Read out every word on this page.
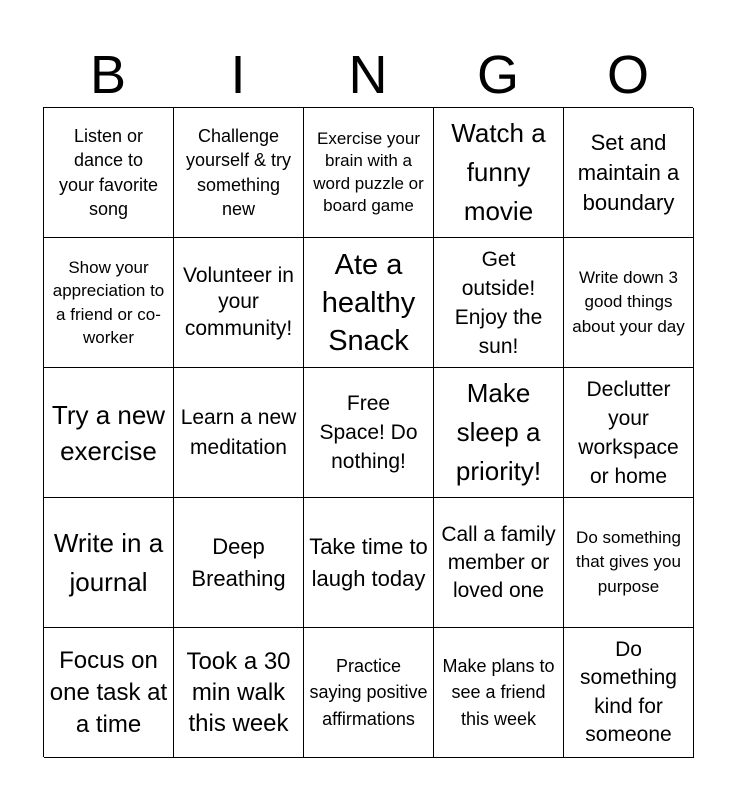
B	I	N	G	O
Listen or dance to your favorite song
Challenge yourself & try something new
Exercise your brain with a word puzzle or board game
Watch a funny movie
Set and maintain a boundary
Show your appreciation to a friend or co-worker
Volunteer in your community!
Ate a healthy Snack
Get outside! Enjoy the sun!
Write down 3 good things about your day
Try a new exercise
Learn a new meditation
Free Space! Do nothing!
Make sleep a priority!
Declutter your workspace or home
Write in a journal
Deep Breathing
Take time to laugh today
Call a family member or loved one
Do something that gives you purpose
Focus on one task at a time
Took a 30 min walk this week
Practice saying positive affirmations
Make plans to see a friend this week
Do something kind for someone
